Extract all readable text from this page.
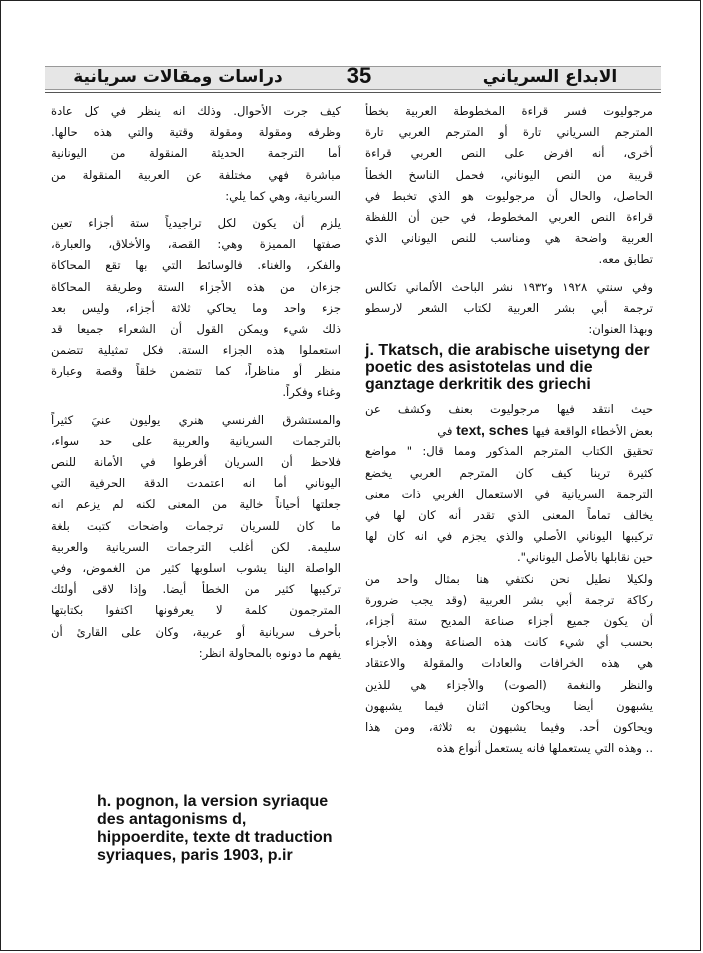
دراسات ومقالات سريانية	35	الابداع السرياني
مرجوليوت فسر قراءة المخطوطة العربية بخطأ
المترجم السرياني تارة أو المترجم العربي تارة
أخرى، أنه افرض على النص العربي قراءة
قريبة من النص اليوناني، فحمل الناسخ الخطأ
الحاصل، والحال أن مرجوليوت هو الذي تخبط في
قراءة النص العربي المخطوط، في حين أن اللفظة
العربية واضحة هي ومناسب للنص اليوناني الذي
تطابق معه.
وفي سنتي ١٩٢٨ و١٩٣٢ نشر الباحث الألماني تكالس
ترجمة أبي بشر العربية لكتاب الشعر لارسطو
وبهذا العنوان:
j. Tkatsch, die arabische uisetyng der poetic des asistotelas und die ganztage derkritik des griechi
حيث انتقد فيها مرجوليوت بعنف وكشف عن
بعض الأخطاء الواقعة فيها text, sches في
تحقيق الكتاب المترجم المذكور ومما قال: " مواضع
كثيرة ترينا كيف كان المترجم العربي يخضع
الترجمة السريانية في الاستعمال الغربي ذات معنى
يخالف تماماً المعنى الذي تقدر أنه كان لها في
تركيبها اليوناني الأصلي والذي يجزم في انه كان لها
حين نقابلها بالأصل اليوناني".
ولكيلا نطيل نحن نكتفي هنا بمثال واحد من
ركاكة ترجمة أبي بشر العربية (وقد يجب ضرورة
أن يكون جميع أجزاء صناعة المديح ستة أجزاء،
بحسب أي شيء كانت هذه الصناعة وهذه الأجزاء
هي هذه الخرافات والعادات والمقولة والاعتقاد
والنظر والنغمة (الصوت) والأجزاء هي للذين
يشبهون أيضا ويحاكون اثنان فيما يشبهون
ويحاكون أحد. وفيما يشبهون به ثلاثة، ومن هذا
.. وهذه التي يستعملها فانه يستعمل أنواع هذه
كيف جرت الأحوال. وذلك انه ينظر في كل عادة
وظرفه ومقولة ومقولة وقتية والتي هذه حالها.
أما الترجمة الحديثة المنقولة من اليونانية
مباشرة فهي مختلفة عن العربية المنقولة من
السريانية، وهي كما يلي:
يلزم أن يكون لكل تراجيدياً ستة أجزاء تعين
صفتها المميزة وهي: القصة، والأخلاق، والعبارة،
والفكر، والغناء. فالوسائط التي بها تقع المحاكاة
جزءان من هذه الأجزاء الستة وطريقة المحاكاة
جزء واحد وما يحاكي ثلاثة أجزاء، وليس بعد
ذلك شيء ويمكن القول أن الشعراء جميعا قد
استعملوا هذه الجزاء الستة. فكل تمثيلية تتضمن
منظر أو مناظراً، كما تتضمن خلقاً وقصة وعبارة
وغناء وفكراً.
والمستشرق الفرنسي هنري يوليون عنيَ كثيراً
بالترجمات السريانية والعربية على حد سواء،
فلاحظ أن السريان أفرطوا في الأمانة للنص
اليوناني أما انه اعتمدت الدقة الحرفية التي
جعلتها أحياناً خالية من المعنى لكنه لم يزعم انه
ما كان للسريان ترجمات واضحات كتبت بلغة
سليمة. لكن أغلب الترجمات السريانية والعربية
الواصلة الينا يشوب اسلوبها كثير من الغموض، وفي
تركيبها كثير من الخطأ أيضا. وإذا لاقى أولئك
المترجمون كلمة لا يعرفونها اكتفوا بكتابتها
بأحرف سريانية أو عربية، وكان على القارئ أن
يفهم ما دونوه بالمحاولة انظر:
h. pognon, la version syriaque des antagonisms d, hippoerdite, texte dt traduction syriaques, paris 1903, p.ir
